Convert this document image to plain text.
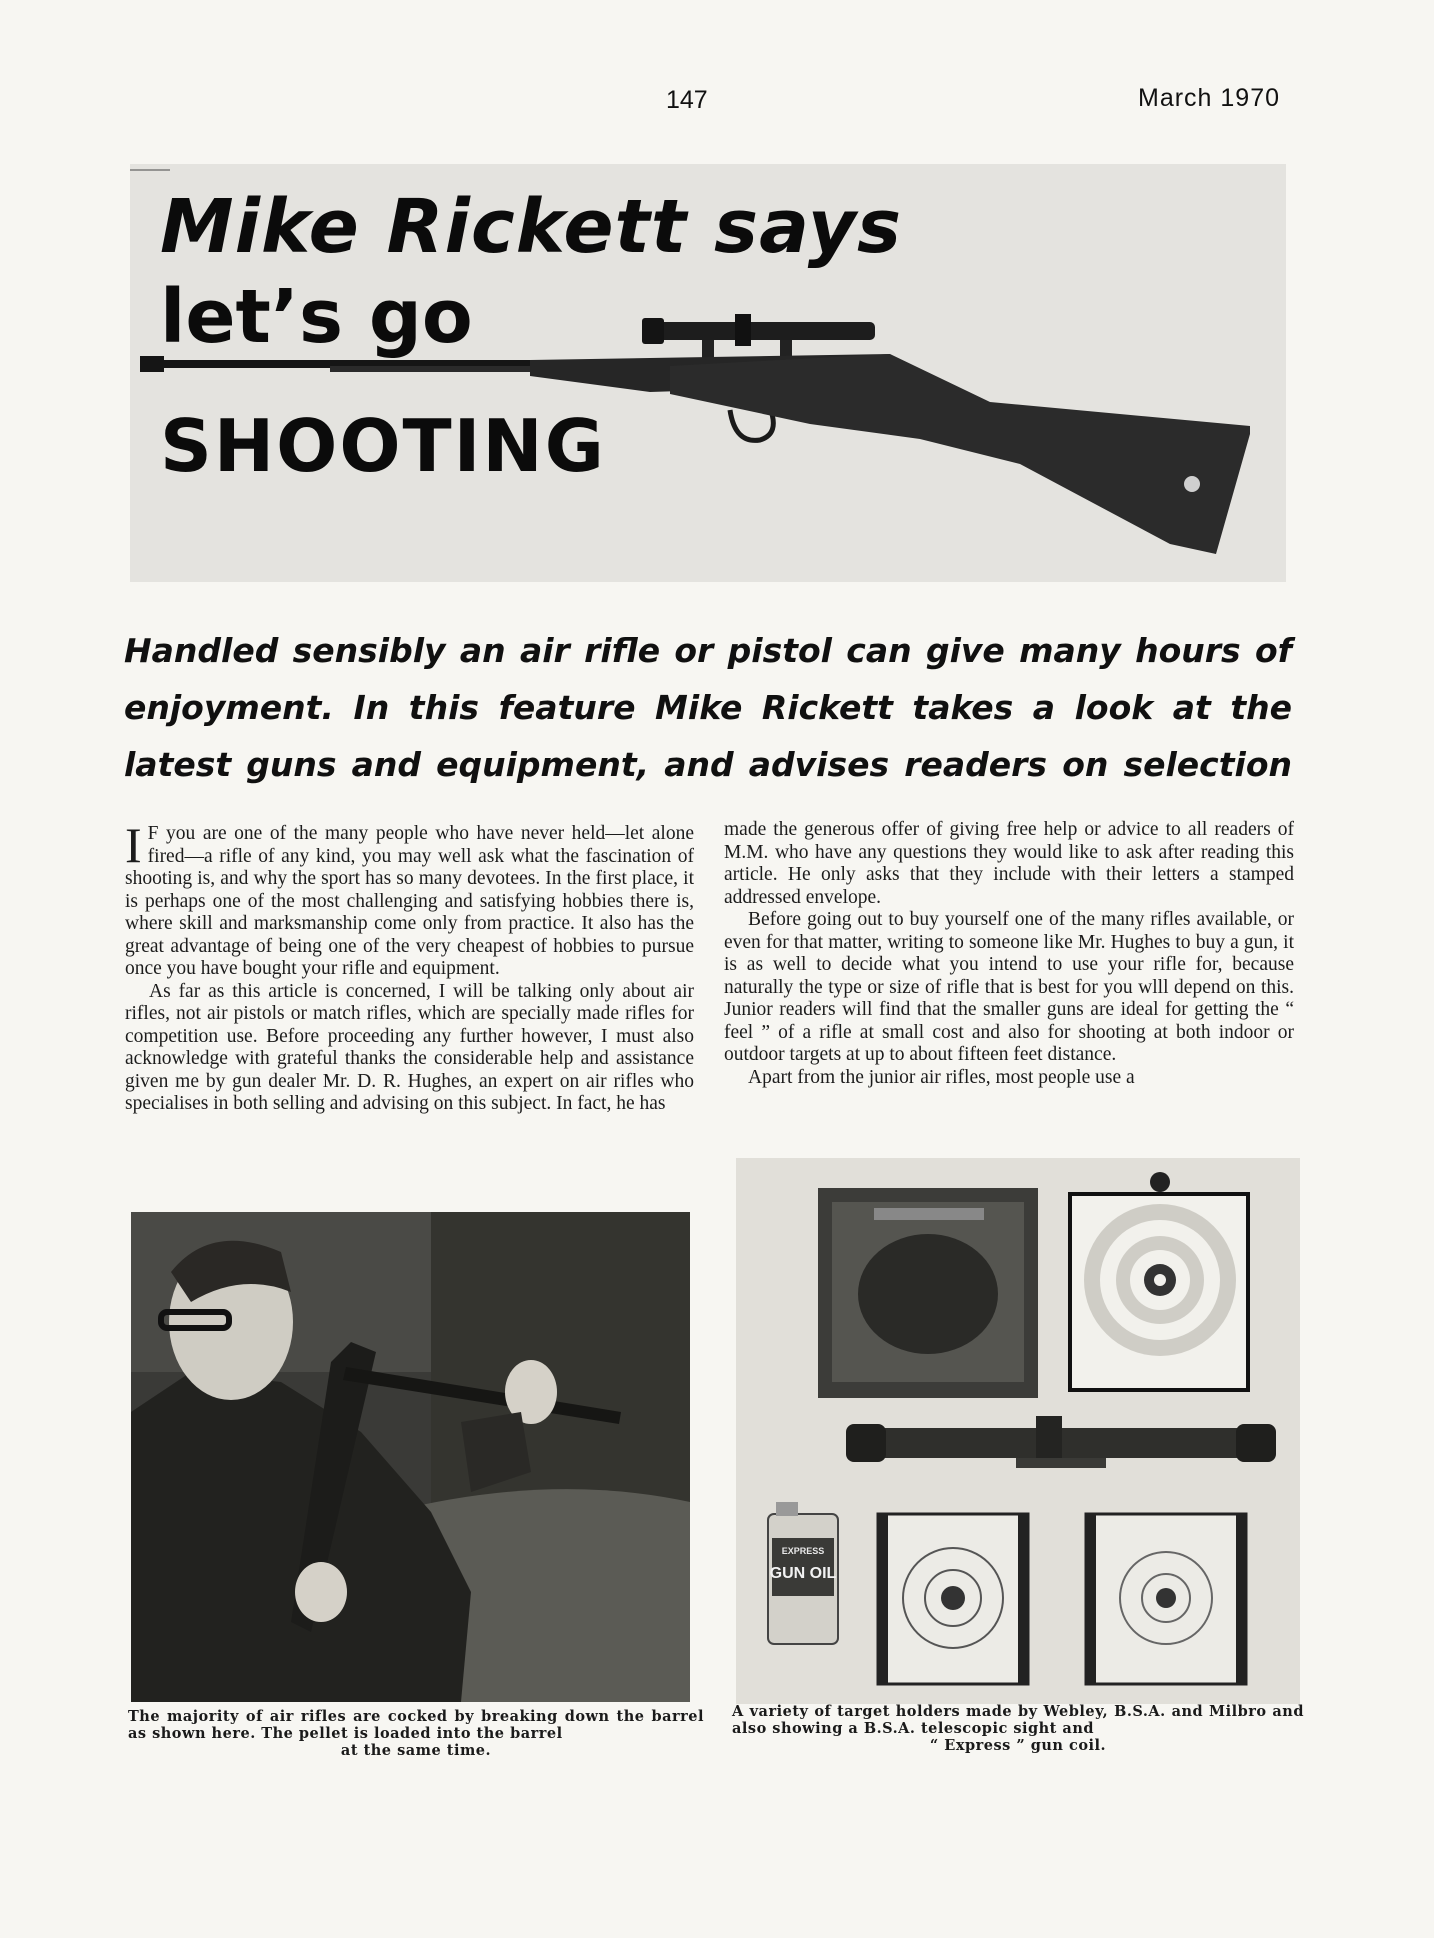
147	March 1970
Mike Rickett says
let’s go
SHOOTING
Handled sensibly an air rifle or pistol can give many hours of enjoyment. In this feature Mike Rickett takes a look at the latest guns and equipment, and advises readers on selection

I F you are one of the many people who have never held—let alone fired—a rifle of any kind, you may well ask what the fascination of shooting is, and why the sport has so many devotees. In the first place, it is perhaps one of the most challenging and satisfying hobbies there is, where skill and marksmanship come only from practice. It also has the great advantage of being one of the very cheapest of hobbies to pursue once you have bought your rifle and equipment.

As far as this article is concerned, I will be talking only about air rifles, not air pistols or match rifles, which are specially made rifles for competition use. Before proceeding any further however, I must also acknowledge with grateful thanks the considerable help and assistance given me by gun dealer Mr. D. R. Hughes, an expert on air rifles who specialises in both selling and advising on this subject. In fact, he has

made the generous offer of giving free help or advice to all readers of M.M. who have any questions they would like to ask after reading this article. He only asks that they include with their letters a stamped addressed envelope.

Before going out to buy yourself one of the many rifles available, or even for that matter, writing to someone like Mr. Hughes to buy a gun, it is as well to decide what you intend to use your rifle for, because naturally the type or size of rifle that is best for you wlll depend on this. Junior readers will find that the smaller guns are ideal for getting the “ feel ” of a rifle at small cost and also for shooting at both indoor or outdoor targets at up to about fifteen feet distance.

Apart from the junior air rifles, most people use a

EXPRESS
GUN OIL
The majority of air rifles are cocked by breaking down the barrel as shown here. The pellet is loaded into the barrel
at the same time.
A variety of target holders made by Webley, B.S.A. and Milbro and also showing a B.S.A. telescopic sight and
“ Express ” gun coil.
